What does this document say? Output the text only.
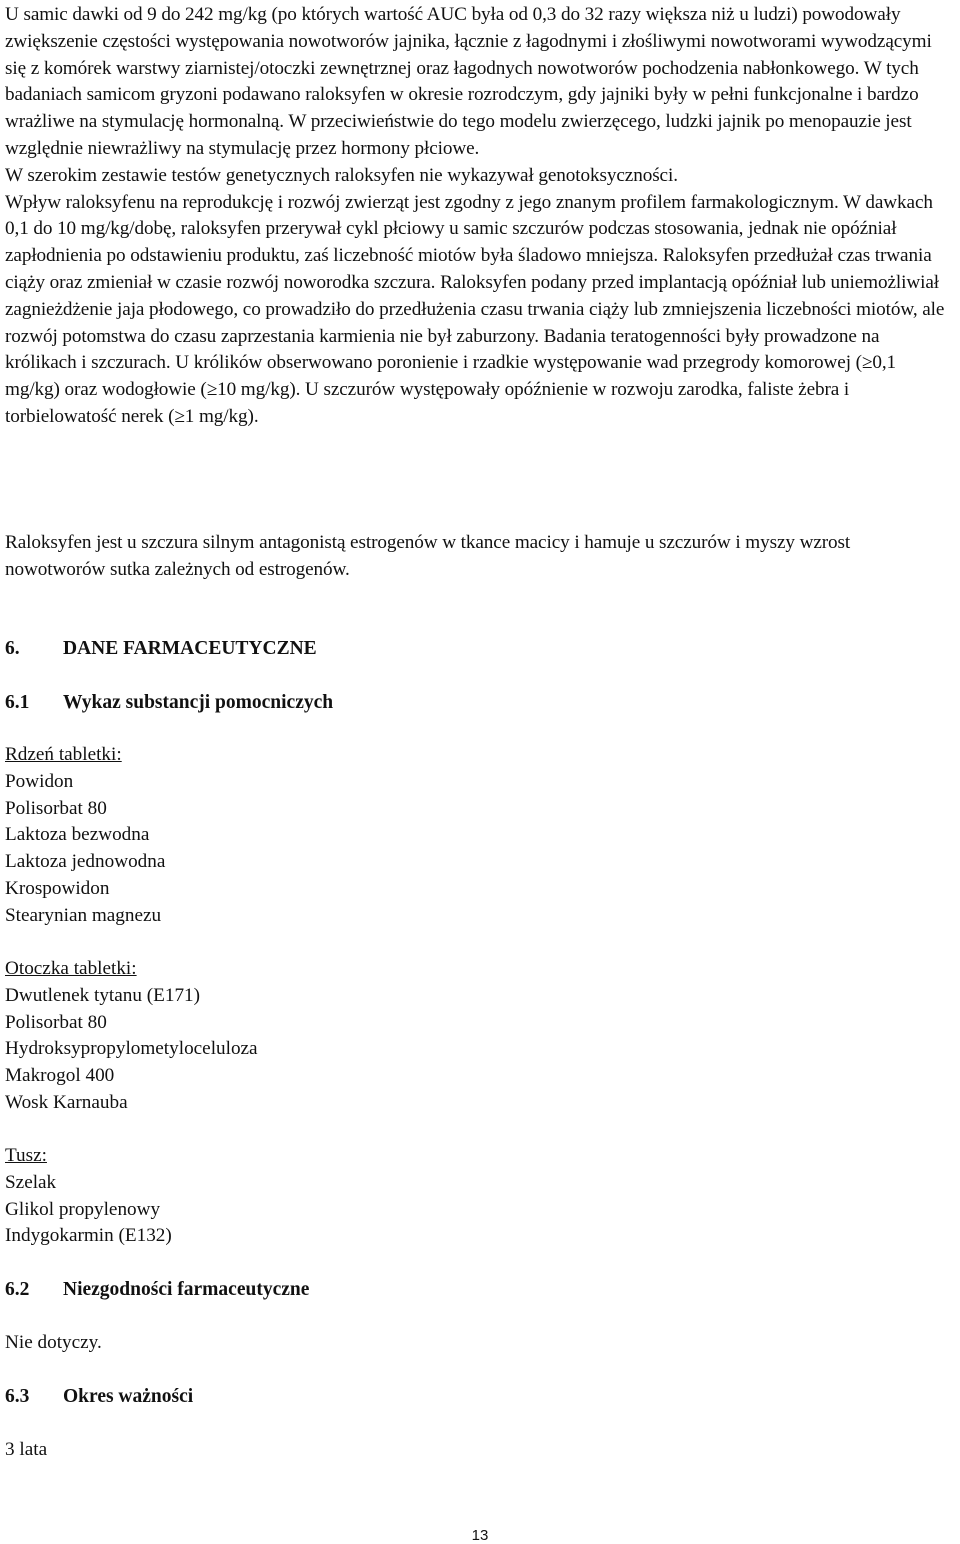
U samic dawki od 9 do 242 mg/kg (po których wartość AUC była od 0,3 do 32 razy większa niż u ludzi) powodowały zwiększenie częstości występowania nowotworów jajnika, łącznie z łagodnymi i złośliwymi nowotworami wywodzącymi się z komórek warstwy ziarnistej/otoczki zewnętrznej oraz łagodnych nowotworów pochodzenia nabłonkowego. W tych badaniach samicom gryzoni podawano raloksyfen w okresie rozrodczym, gdy jajniki były w pełni funkcjonalne i bardzo wrażliwe na stymulację hormonalną. W przeciwieństwie do tego modelu zwierzęcego, ludzki jajnik po menopauzie jest względnie niewrażliwy na stymulację przez hormony płciowe.
W szerokim zestawie testów genetycznych raloksyfen nie wykazywał genotoksyczności.
Wpływ raloksyfenu na reprodukcję i rozwój zwierząt jest zgodny z jego znanym profilem farmakologicznym. W dawkach 0,1 do 10 mg/kg/dobę, raloksyfen przerywał cykl płciowy u samic szczurów podczas stosowania, jednak nie opóźniał zapłodnienia po odstawieniu produktu, zaś liczebność miotów była śladowo mniejsza. Raloksyfen przedłużał czas trwania ciąży oraz zmieniał w czasie rozwój noworodka szczura. Raloksyfen podany przed implantacją opóźniał lub uniemożliwiał zagnieżdżenie jaja płodowego, co prowadziło do przedłużenia czasu trwania ciąży lub zmniejszenia liczebności miotów, ale rozwój potomstwa do czasu zaprzestania karmienia nie był zaburzony. Badania teratogenności były prowadzone na królikach i szczurach. U królików obserwowano poronienie i rzadkie występowanie wad przegrody komorowej (≥0,1 mg/kg) oraz wodogłowie (≥10 mg/kg). U szczurów występowały opóźnienie w rozwoju zarodka, faliste żebra i torbielowatość nerek (≥1 mg/kg).

Raloksyfen jest u szczura silnym antagonistą estrogenów w tkance macicy i hamuje u szczurów i myszy wzrost nowotworów sutka zależnych od estrogenów.

6.	DANE FARMACEUTYCZNE
6.1	Wykaz substancji pomocniczych

Rdzeń tabletki:

Powidon

Polisorbat 80

Laktoza bezwodna

Laktoza jednowodna

Krospowidon

Stearynian magnezu

Otoczka tabletki:

Dwutlenek tytanu (E171)

Polisorbat 80

Hydroksypropylometyloceluloza

Makrogol 400

Wosk Karnauba

Tusz:

Szelak

Glikol propylenowy

Indygokarmin (E132)

6.2	Niezgodności farmaceutyczne

Nie dotyczy.

6.3	Okres ważności

3 lata

13
